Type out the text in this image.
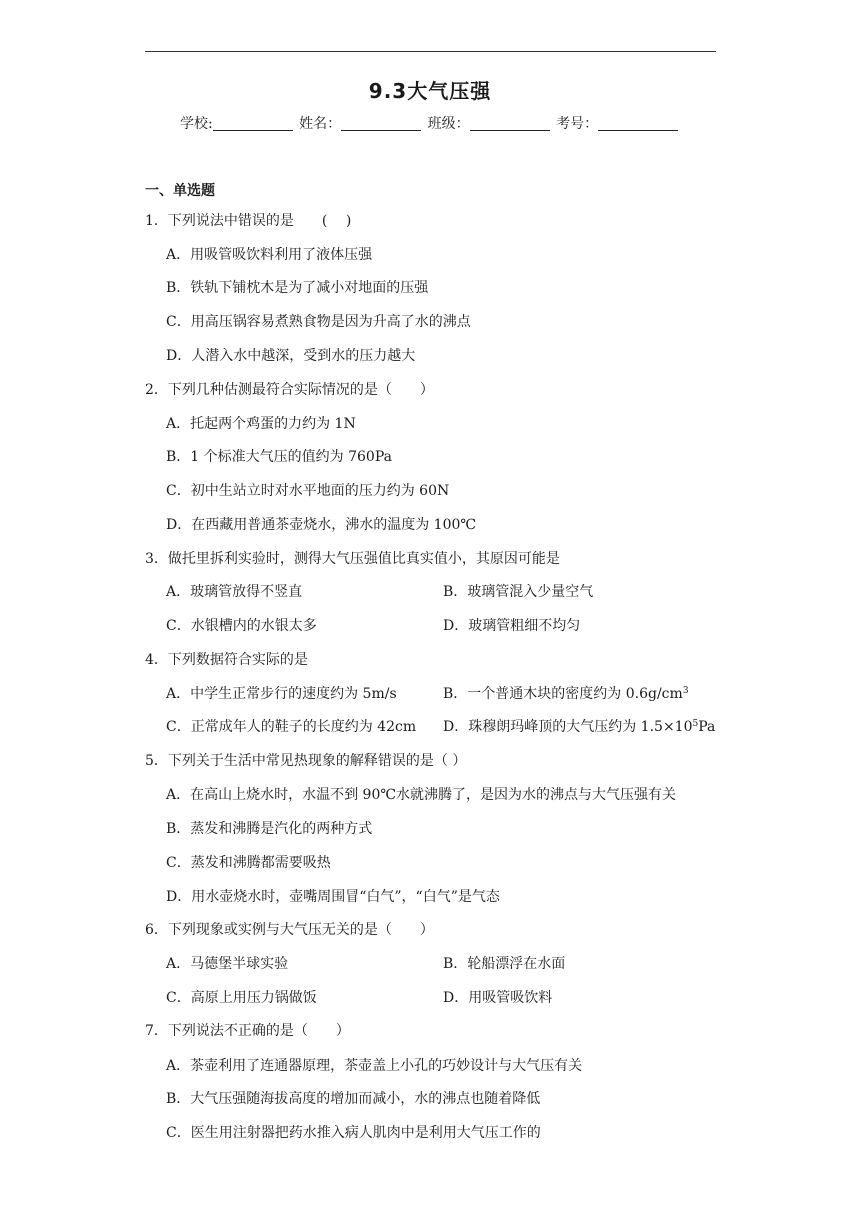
9.3大气压强
学校:	姓名：	班级：	考号：
一、单选题
1．下列说法中错误的是　　(　 )
A．用吸管吸饮料利用了液体压强
B．铁轨下铺枕木是为了减小对地面的压强
C．用高压锅容易煮熟食物是因为升高了水的沸点
D．人潜入水中越深，受到水的压力越大
2．下列几种估测最符合实际情况的是（　　）
A．托起两个鸡蛋的力约为 1N
B．1 个标准大气压的值约为 760Pa
C．初中生站立时对水平地面的压力约为 60N
D．在西藏用普通茶壶烧水，沸水的温度为 100℃
3．做托里拆利实验时，测得大气压强值比真实值小，其原因可能是
A．玻璃管放得不竖直	B．玻璃管混入少量空气
C．水银槽内的水银太多	D．玻璃管粗细不均匀
4．下列数据符合实际的是
A．中学生正常步行的速度约为 5m/s	B．一个普通木块的密度约为 $0.6g/cm^3$
C．正常成年人的鞋子的长度约为 42cm D．珠穆朗玛峰顶的大气压约为 $1.5\times 10^5Pa$
5．下列关于生活中常见热现象的解释错误的是（ ）
A．在高山上烧水时，水温不到 90℃水就沸腾了，是因为水的沸点与大气压强有关
B．蒸发和沸腾是汽化的两种方式
C．蒸发和沸腾都需要吸热
D．用水壶烧水时，壶嘴周围冒“白气”，“白气”是气态
6．下列现象或实例与大气压无关的是（　　）
A．马德堡半球实验	B．轮船漂浮在水面
C．高原上用压力锅做饭	D．用吸管吸饮料
7．下列说法不正确的是（　　）
A．茶壶利用了连通器原理，茶壶盖上小孔的巧妙设计与大气压有关
B．大气压强随海拔高度的增加而减小，水的沸点也随着降低
C．医生用注射器把药水推入病人肌肉中是利用大气压工作的
